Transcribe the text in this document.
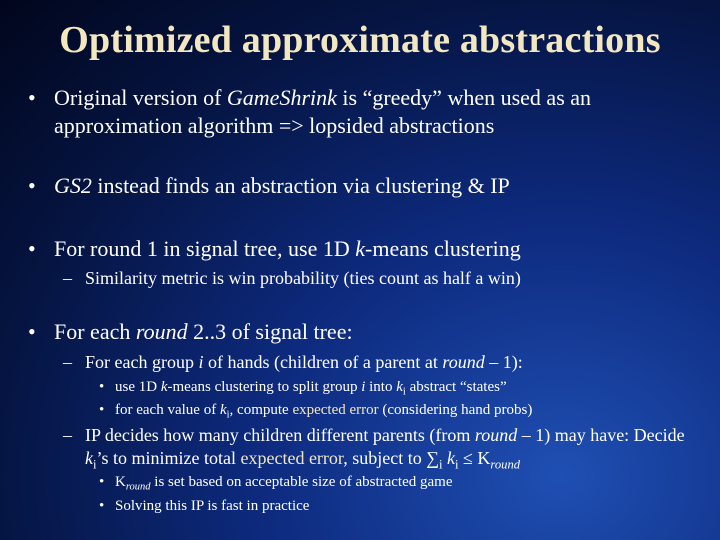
Optimized approximate abstractions
• Original version of GameShrink is “greedy” when used as an approximation algorithm => lopsided abstractions
• GS2 instead finds an abstraction via clustering & IP
• For round 1 in signal tree, use 1D k-means clustering
– Similarity metric is win probability (ties count as half a win)
• For each round 2..3 of signal tree:
– For each group i of hands (children of a parent at round – 1):
• use 1D k-means clustering to split group i into $k_i$ abstract “states”
• for each value of $k_i$, compute expected error (considering hand probs)
– IP decides how many children different parents (from round – 1) may have: Decide $k_i’s$ to minimize total expected error, subject to $\sum_i$ $k_i \le K_{round}$
• $K_{round}$ is set based on acceptable size of abstracted game
• Solving this IP is fast in practice
